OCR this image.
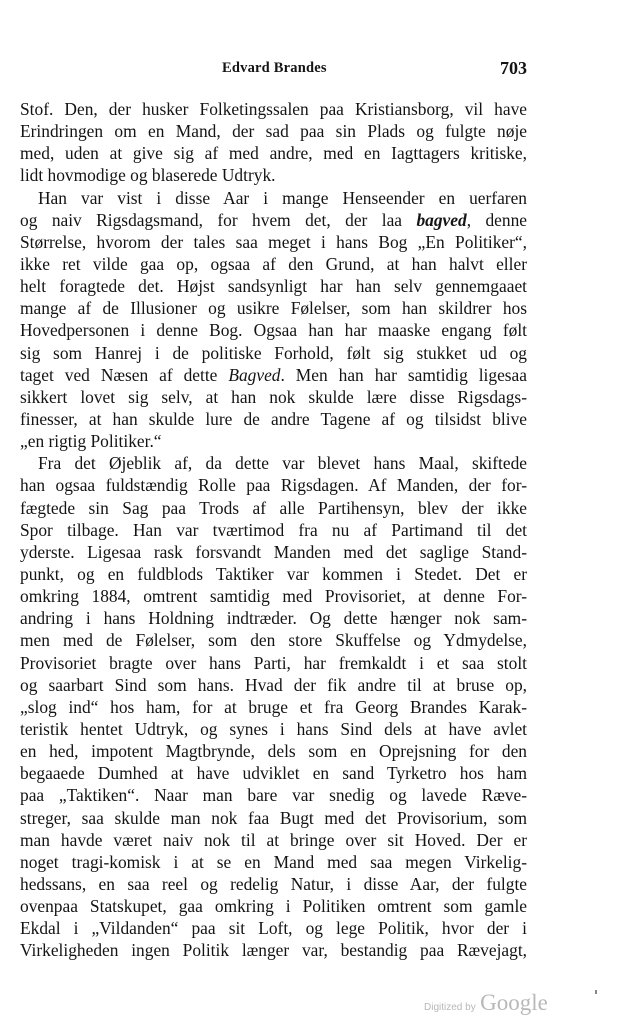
Edvard Brandes	703
Stof. Den, der husker Folketingssalen paa Kristiansborg, vil have
Erindringen om en Mand, der sad paa sin Plads og fulgte nøje
med, uden at give sig af med andre, med en Iagttagers kritiske,
lidt hovmodige og blaserede Udtryk.
Han var vist i disse Aar i mange Henseender en uerfaren
og naiv Rigsdagsmand, for hvem det, der laa bagved, denne
Størrelse, hvorom der tales saa meget i hans Bog „En Politiker“,
ikke ret vilde gaa op, ogsaa af den Grund, at han halvt eller
helt foragtede det. Højst sandsynligt har han selv gennemgaaet
mange af de Illusioner og usikre Følelser, som han skildrer hos
Hovedpersonen i denne Bog. Ogsaa han har maaske engang følt
sig som Hanrej i de politiske Forhold, følt sig stukket ud og
taget ved Næsen af dette Bagved. Men han har samtidig ligesaa
sikkert lovet sig selv, at han nok skulde lære disse Rigsdags-
finesser, at han skulde lure de andre Tagene af og tilsidst blive
„en rigtig Politiker.“
Fra det Øjeblik af, da dette var blevet hans Maal, skiftede
han ogsaa fuldstændig Rolle paa Rigsdagen. Af Manden, der for-
fægtede sin Sag paa Trods af alle Partihensyn, blev der ikke
Spor tilbage. Han var tværtimod fra nu af Partimand til det
yderste. Ligesaa rask forsvandt Manden med det saglige Stand-
punkt, og en fuldblods Taktiker var kommen i Stedet. Det er
omkring 1884, omtrent samtidig med Provisoriet, at denne For-
andring i hans Holdning indtræder. Og dette hænger nok sam-
men med de Følelser, som den store Skuffelse og Ydmydelse,
Provisoriet bragte over hans Parti, har fremkaldt i et saa stolt
og saarbart Sind som hans. Hvad der fik andre til at bruse op,
„slog ind“ hos ham, for at bruge et fra Georg Brandes Karak-
teristik hentet Udtryk, og synes i hans Sind dels at have avlet
en hed, impotent Magtbrynde, dels som en Oprejsning for den
begaaede Dumhed at have udviklet en sand Tyrketro hos ham
paa „Taktiken“. Naar man bare var snedig og lavede Ræve-
streger, saa skulde man nok faa Bugt med det Provisorium, som
man havde været naiv nok til at bringe over sit Hoved. Der er
noget tragi-komisk i at se en Mand med saa megen Virkelig-
hedssans, en saa reel og redelig Natur, i disse Aar, der fulgte
ovenpaa Statskupet, gaa omkring i Politiken omtrent som gamle
Ekdal i „Vildanden“ paa sit Loft, og lege Politik, hvor der i
Virkeligheden ingen Politik længer var, bestandig paa Rævejagt,
Digitized by Google
